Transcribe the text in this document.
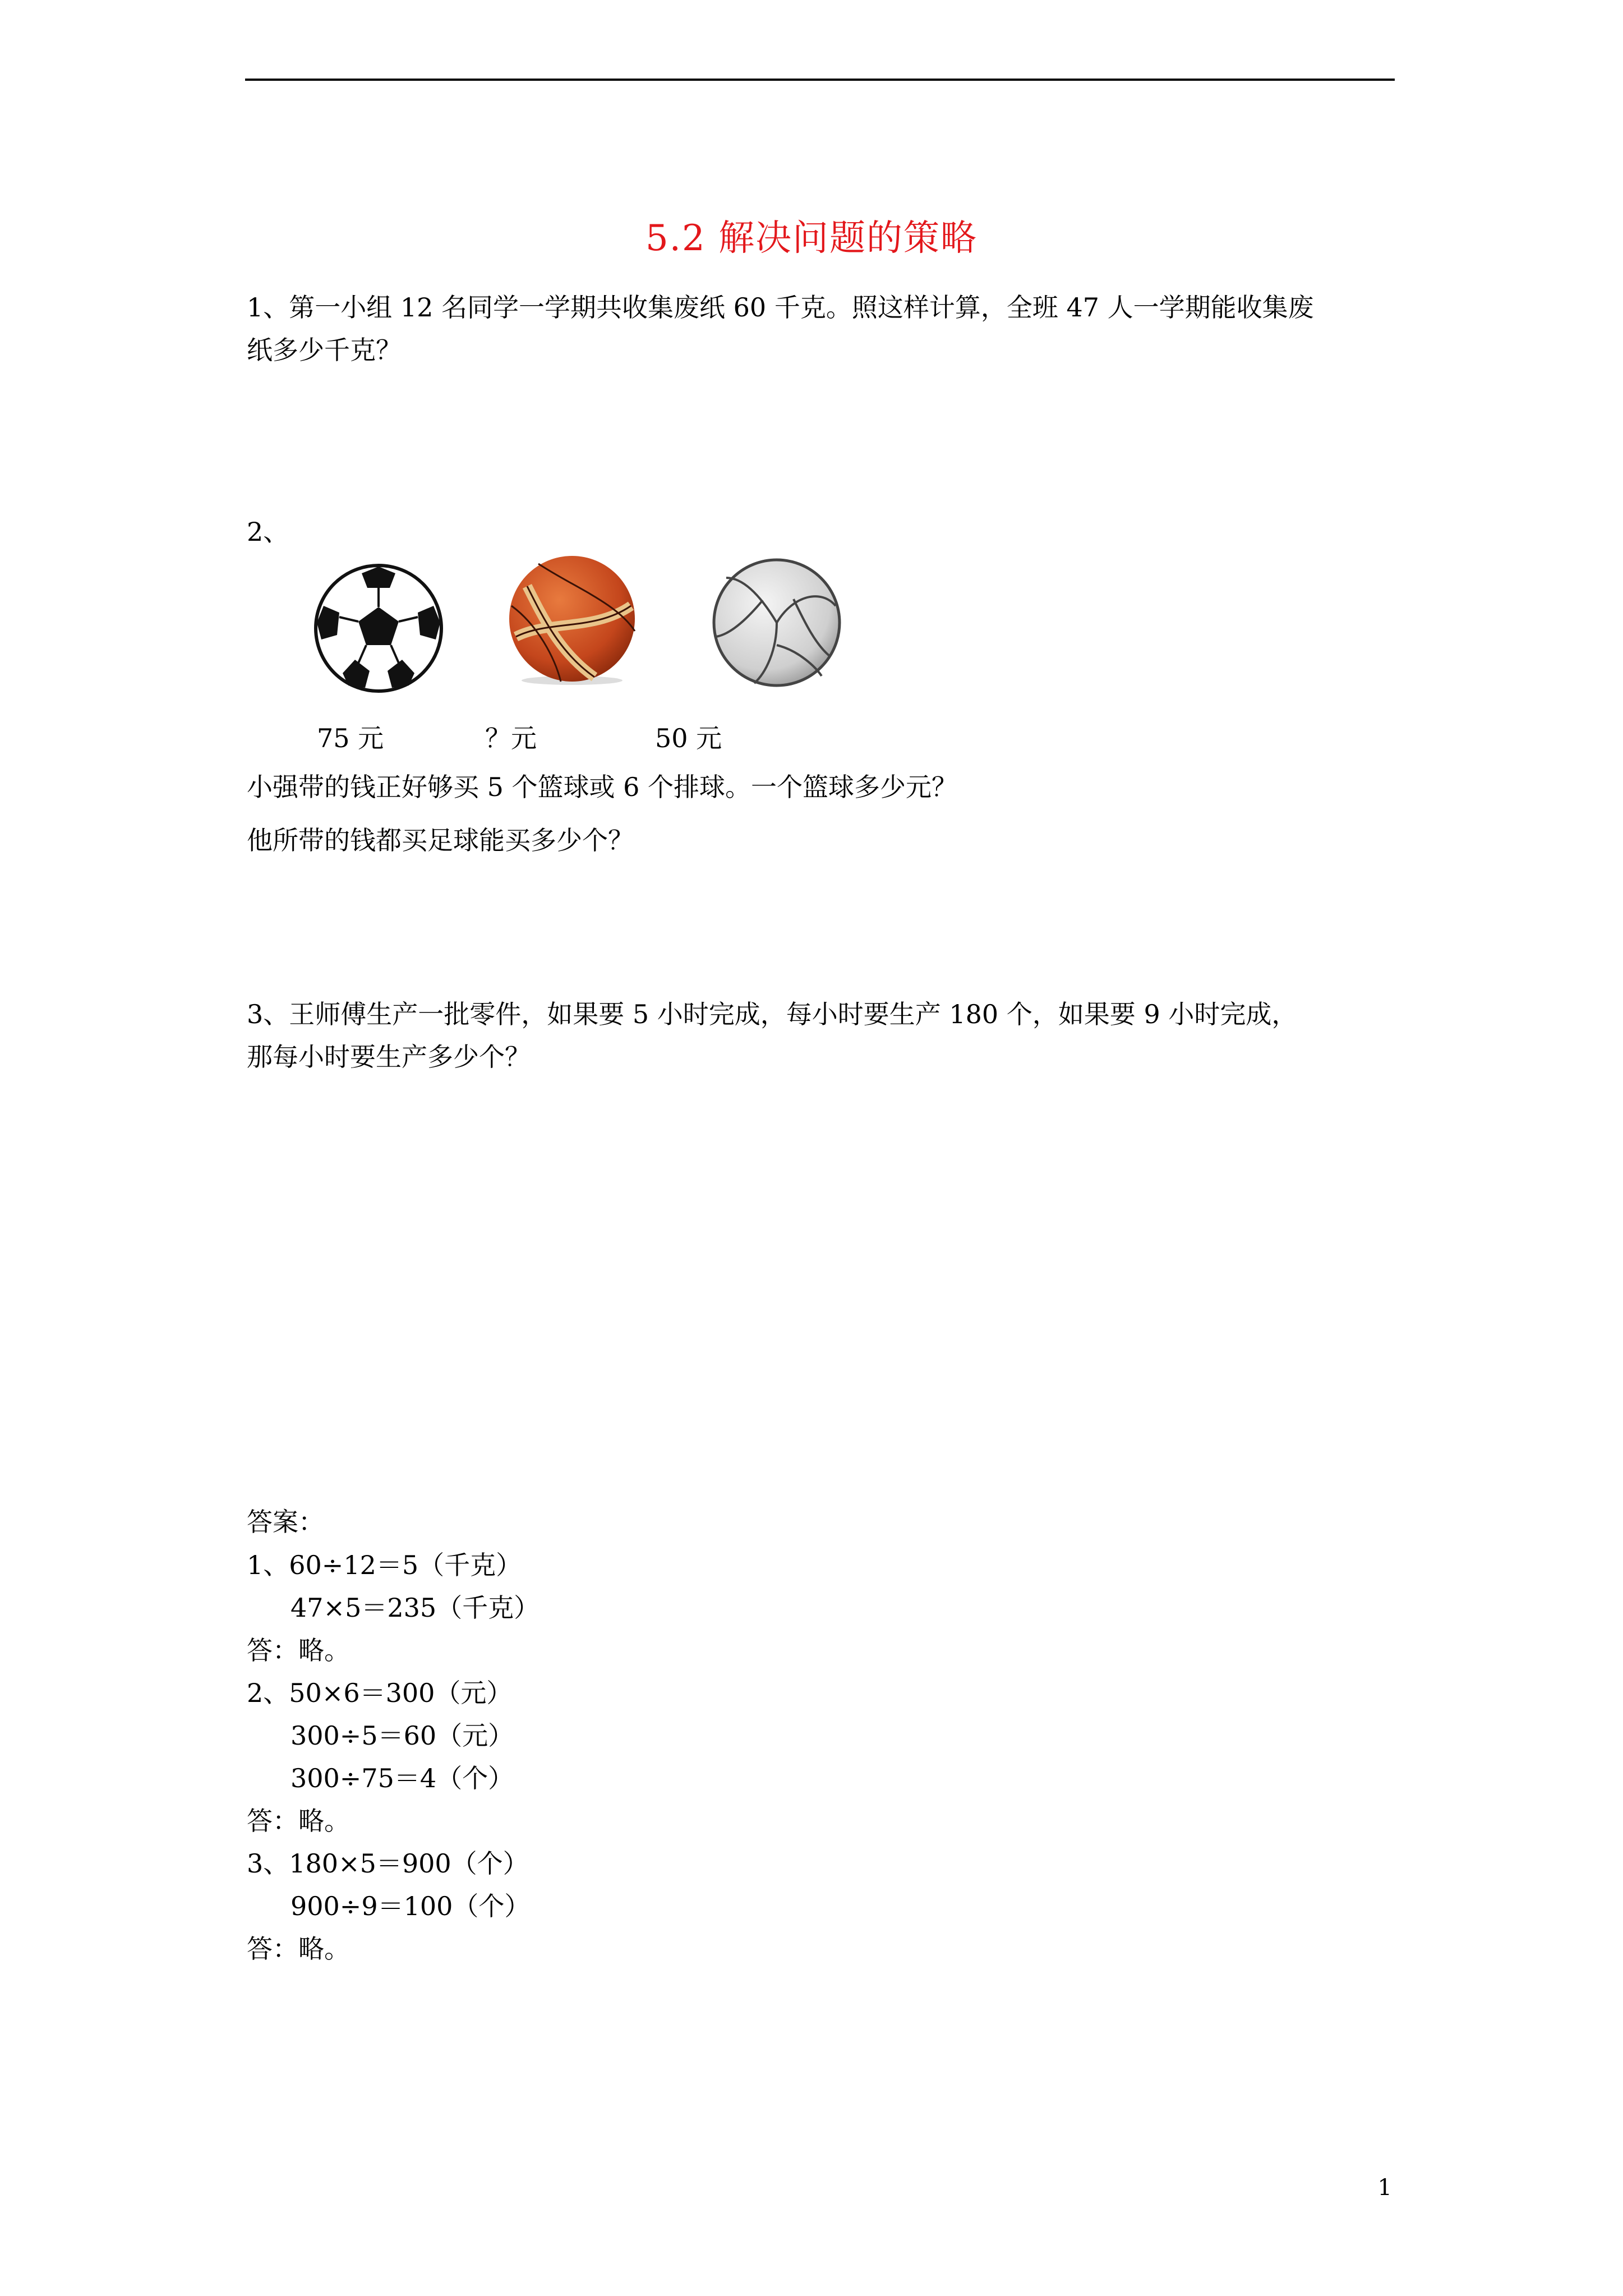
5.2 解决问题的策略

1、第一小组 12 名同学一学期共收集废纸 60 千克。照这样计算，全班 47 人一学期能收集废

纸多少千克？

2、

75 元	？元	50 元

小强带的钱正好够买 5 个篮球或 6 个排球。一个篮球多少元？

他所带的钱都买足球能买多少个？

3、王师傅生产一批零件，如果要 5 小时完成，每小时要生产 180 个，如果要 9 小时完成，

那每小时要生产多少个？

答案：

1、60÷12＝5（千克）

47×5＝235（千克）

答：略。

2、50×6＝300（元）

300÷5＝60（元）

300÷75＝4（个）

答：略。

3、180×5＝900（个）

900÷9＝100（个）

答：略。

1
